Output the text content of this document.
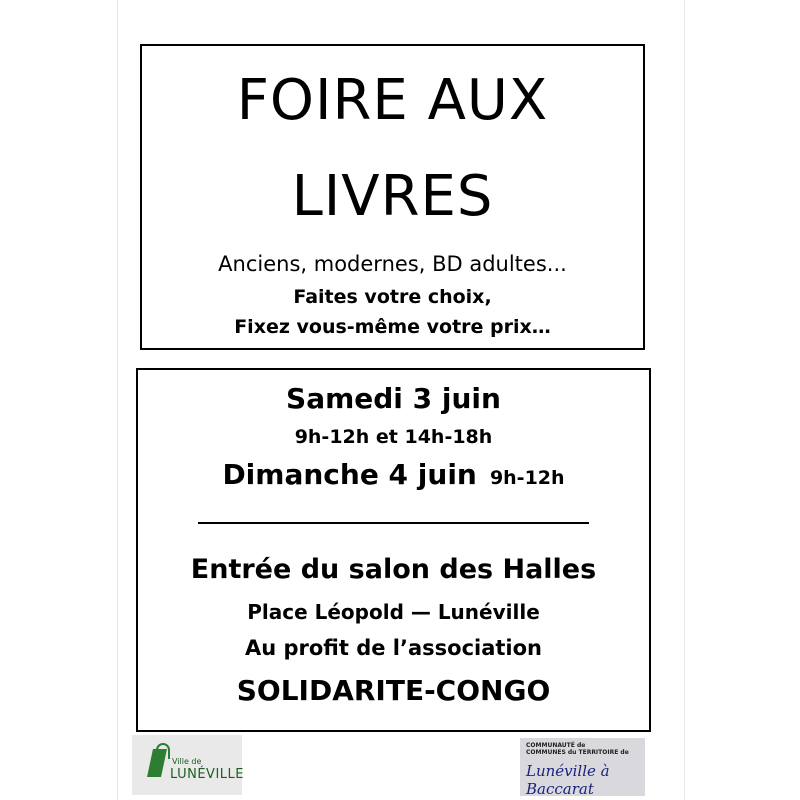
FOIRE AUX
LIVRES
Anciens, modernes, BD adultes...
Faites votre choix,
Fixez vous-même votre prix…
Samedi 3 juin
9h-12h et 14h-18h
Dimanche 4 juin 9h-12h
Entrée du salon des Halles
Place Léopold — Lunéville
Au profit de l’association
SOLIDARITE-CONGO
Ville de
LUNÉVILLE
COMMUNAUTÉ de
COMMUNES du TERRITOIRE de
Lunéville à Baccarat
